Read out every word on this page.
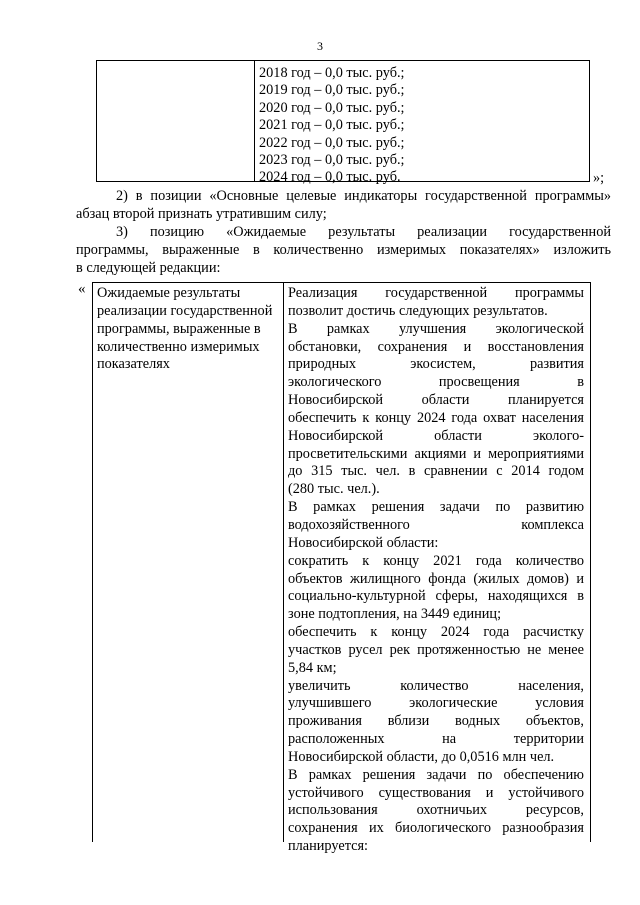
3
2018 год – 0,0 тыс. руб.;
2019 год – 0,0 тыс. руб.;
2020 год – 0,0 тыс. руб.;
2021 год – 0,0 тыс. руб.;
2022 год – 0,0 тыс. руб.;
2023 год – 0,0 тыс. руб.;
2024 год – 0,0 тыс. руб.	»;
2) в позиции «Основные целевые индикаторы государственной программы»
абзац второй признать утратившим силу;
3) позицию «Ожидаемые результаты реализации государственной
программы, выраженные в количественно измеримых показателях» изложить
в следующей редакции:
« Ожидаемые результаты
реализации государственной
программы, выраженные в
количественно измеримых
показателях
Реализация государственной программы
позволит достичь следующих результатов.
В рамках улучшения экологической
обстановки, сохранения и восстановления
природных экосистем, развития
экологического просвещения в
Новосибирской области планируется
обеспечить к концу 2024 года охват населения
Новосибирской области эколого-
просветительскими акциями и мероприятиями
до 315 тыс. чел. в сравнении с 2014 годом
(280 тыс. чел.).
В рамках решения задачи по развитию
водохозяйственного комплекса
Новосибирской области:
сократить к концу 2021 года количество
объектов жилищного фонда (жилых домов) и
социально-культурной сферы, находящихся в
зоне подтопления, на 3449 единиц;
обеспечить к концу 2024 года расчистку
участков русел рек протяженностью не менее
5,84 км;
увеличить количество населения,
улучшившего экологические условия
проживания вблизи водных объектов,
расположенных на территории
Новосибирской области, до 0,0516 млн чел.
В рамках решения задачи по обеспечению
устойчивого существования и устойчивого
использования охотничьих ресурсов,
сохранения их биологического разнообразия
планируется:
